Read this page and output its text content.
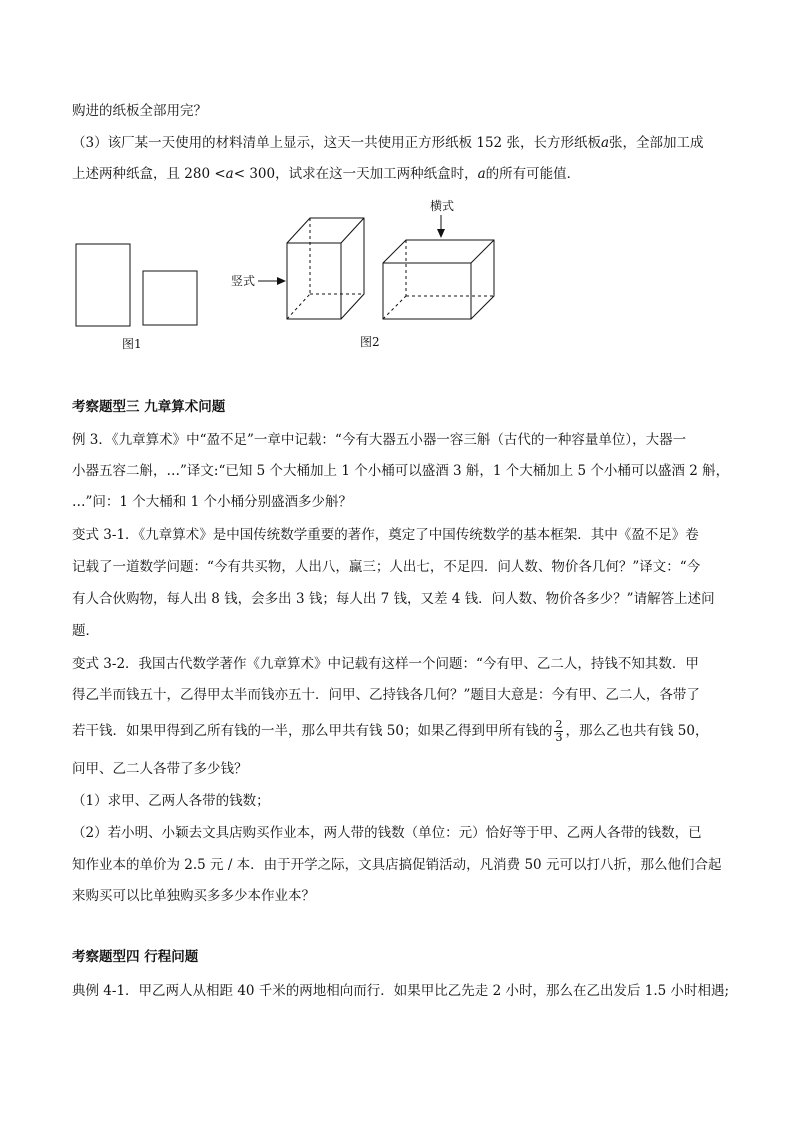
购进的纸板全部用完？
（3）该厂某一天使用的材料清单上显示，这天一共使用正方形纸板 152 张，长方形纸板a张，全部加工成
上述两种纸盒，且 280 <a< 300，试求在这一天加工两种纸盒时，a的所有可能值．
图1
竖式
横式
图2
考察题型三 九章算术问题
例 3．《九章算术》中“盈不足”一章中记载：“今有大器五小器一容三斛（古代的一种容量单位），大器一
小器五容二斛，…”译文:“已知 5 个大桶加上 1 个小桶可以盛酒 3 斛，1 个大桶加上 5 个小桶可以盛酒 2 斛，
…”问：1 个大桶和 1 个小桶分别盛酒多少斛？
变式 3-1．《九章算术》是中国传统数学重要的著作，奠定了中国传统数学的基本框架．其中《盈不足》卷
记载了一道数学问题：“今有共买物，人出八，赢三；人出七，不足四．问人数、物价各几何？”译文：“今
有人合伙购物，每人出 8 钱，会多出 3 钱；每人出 7 钱，又差 4 钱．问人数、物价各多少？”请解答上述问
题．
变式 3-2．我国古代数学著作《九章算术》中记载有这样一个问题：“今有甲、乙二人，持钱不知其数．甲
得乙半而钱五十，乙得甲太半而钱亦五十．问甲、乙持钱各几何？”题目大意是：今有甲、乙二人，各带了
若干钱．如果甲得到乙所有钱的一半，那么甲共有钱 50；如果乙得到甲所有钱的 $\frac{2}{3}$ ，那么乙也共有钱 50，
问甲、乙二人各带了多少钱？
（1）求甲、乙两人各带的钱数；
（2）若小明、小颖去文具店购买作业本，两人带的钱数（单位：元）恰好等于甲、乙两人各带的钱数，已
知作业本的单价为 2.5 元 / 本．由于开学之际，文具店搞促销活动，凡消费 50 元可以打八折，那么他们合起
来购买可以比单独购买多多少本作业本？
考察题型四 行程问题
典例 4-1．甲乙两人从相距 40 千米的两地相向而行．如果甲比乙先走 2 小时，那么在乙出发后 1.5 小时相遇;
